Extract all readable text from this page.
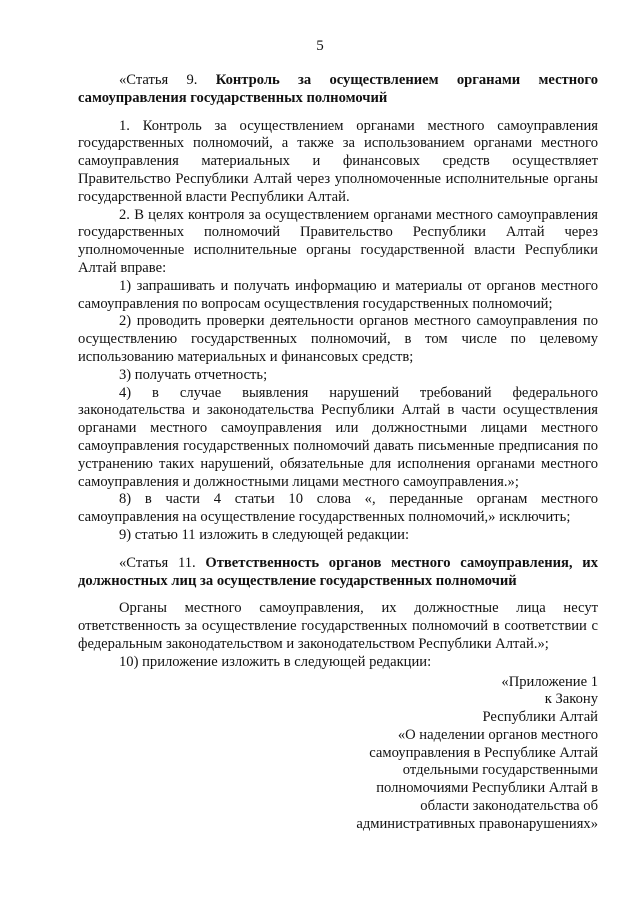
5

«Статья 9. Контроль за осуществлением органами местного самоуправления государственных полномочий

1. Контроль за осуществлением органами местного самоуправления государственных полномочий, а также за использованием органами местного самоуправления материальных и финансовых средств осуществляет Правительство Республики Алтай через уполномоченные исполнительные органы государственной власти Республики Алтай.

2. В целях контроля за осуществлением органами местного самоуправления государственных полномочий Правительство Республики Алтай через уполномоченные исполнительные органы государственной власти Республики Алтай вправе:

1) запрашивать и получать информацию и материалы от органов местного самоуправления по вопросам осуществления государственных полномочий;

2) проводить проверки деятельности органов местного самоуправления по осуществлению государственных полномочий, в том числе по целевому использованию материальных и финансовых средств;

3) получать отчетность;

4) в случае выявления нарушений требований федерального законодательства и законодательства Республики Алтай в части осуществления органами местного самоуправления или должностными лицами местного самоуправления государственных полномочий давать письменные предписания по устранению таких нарушений, обязательные для исполнения органами местного самоуправления и должностными лицами местного самоуправления.»;

8) в части 4 статьи 10 слова «, переданные органам местного самоуправления на осуществление государственных полномочий,» исключить;

9) статью 11 изложить в следующей редакции:

«Статья 11. Ответственность органов местного самоуправления, их должностных лиц за осуществление государственных полномочий

Органы местного самоуправления, их должностные лица несут ответственность за осуществление государственных полномочий в соответствии с федеральным законодательством и законодательством Республики Алтай.»;

10) приложение изложить в следующей редакции:

«Приложение 1
к Закону
Республики Алтай
«О наделении органов местного
самоуправления в Республике Алтай
отдельными государственными
полномочиями Республики Алтай в
области законодательства об
административных правонарушениях»
